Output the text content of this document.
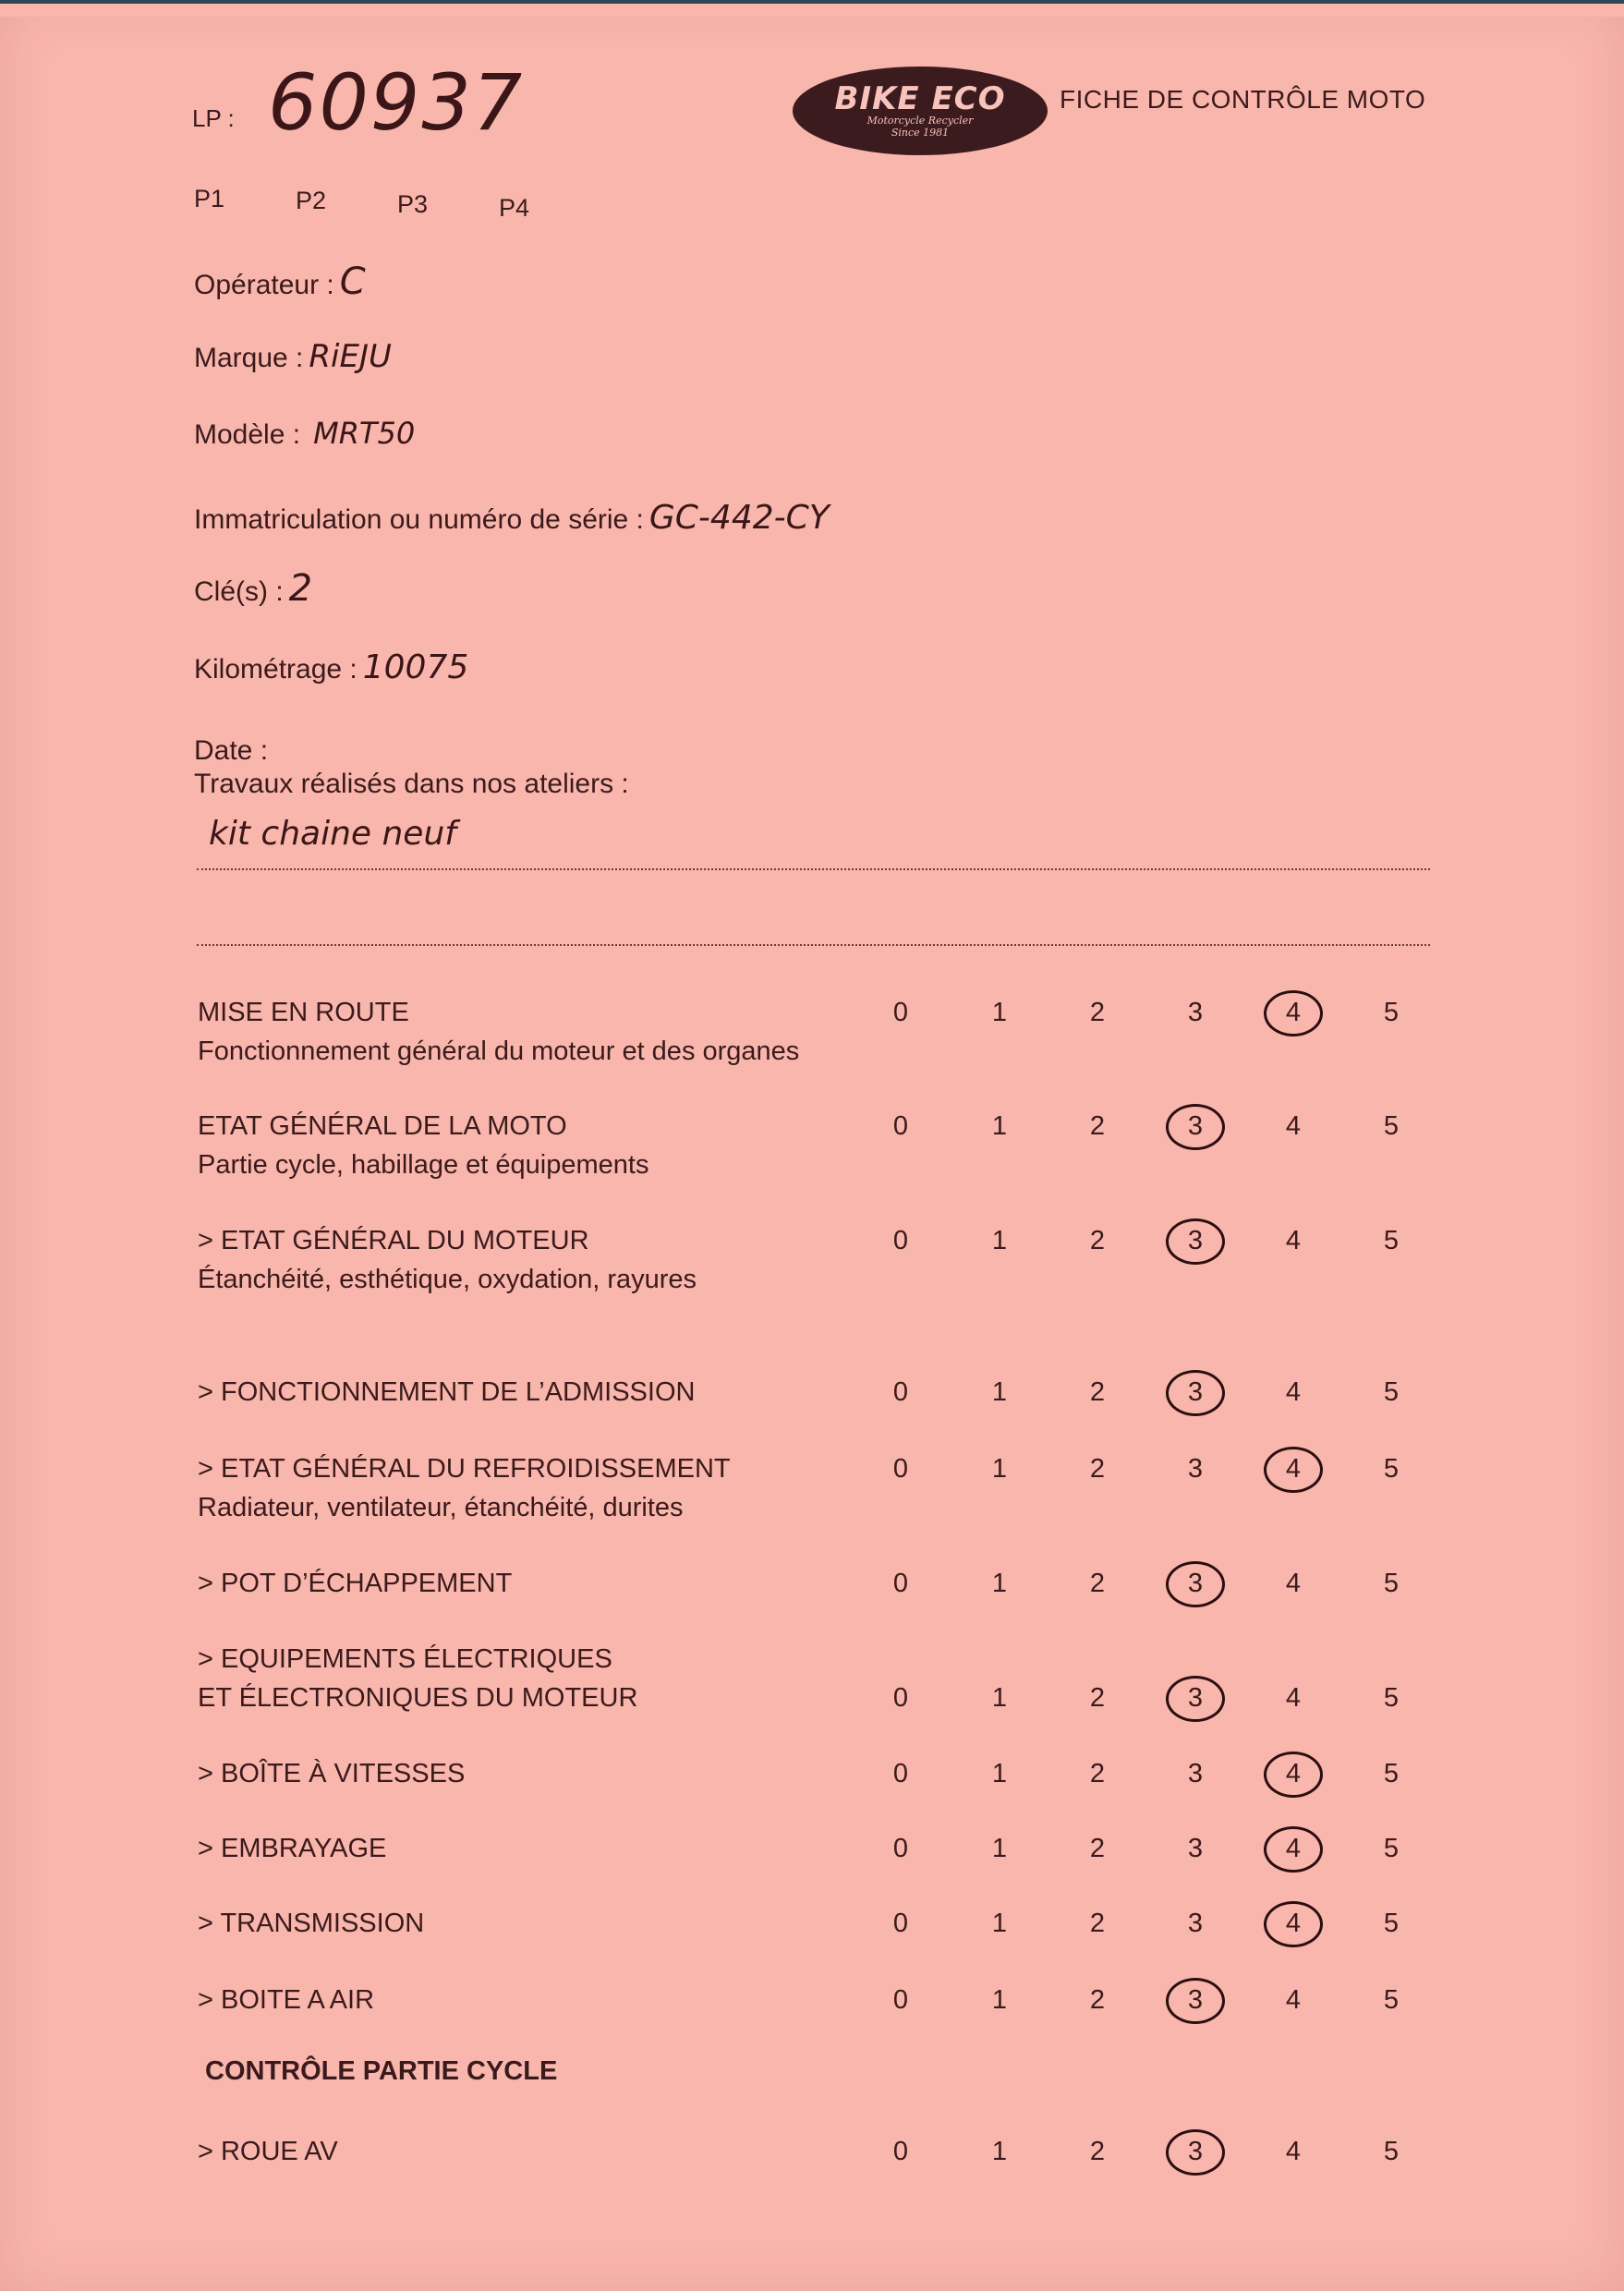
LP : 60937	BIKE ECO
Motorcycle Recycler
Since 1981
FICHE DE CONTRÔLE MOTO
P1	P2	P3	P4
Opérateur : C
Marque : RiEJU
Modèle : MRT50
Immatriculation ou numéro de série : GC-442-CY
Clé(s) : 2
Kilométrage : 10075
Date :
Travaux réalisés dans nos ateliers :
kit chaine neuf
MISE EN ROUTE
Fonctionnement général du moteur et des organes
0	1	2	3	4	5
ETAT GÉNÉRAL DE LA MOTO
Partie cycle, habillage et équipements
0	1	2	3	4	5
> ETAT GÉNÉRAL DU MOTEUR
Étanchéité, esthétique, oxydation, rayures
0	1	2	3	4	5
> FONCTIONNEMENT DE L’ADMISSION	0	1	2	3	4	5
> ETAT GÉNÉRAL DU REFROIDISSEMENT
Radiateur, ventilateur, étanchéité, durites
0	1	2	3	4	5
> POT D’ÉCHAPPEMENT	0	1	2	3	4	5
> EQUIPEMENTS ÉLECTRIQUES
ET ÉLECTRONIQUES DU MOTEUR	0	1	2	3	4	5
> BOÎTE À VITESSES	0	1	2	3	4	5
> EMBRAYAGE	0	1	2	3	4	5
> TRANSMISSION	0	1	2	3	4	5
> BOITE A AIR	0	1	2	3	4	5
CONTRÔLE PARTIE CYCLE
> ROUE AV	0	1	2	3	4	5
